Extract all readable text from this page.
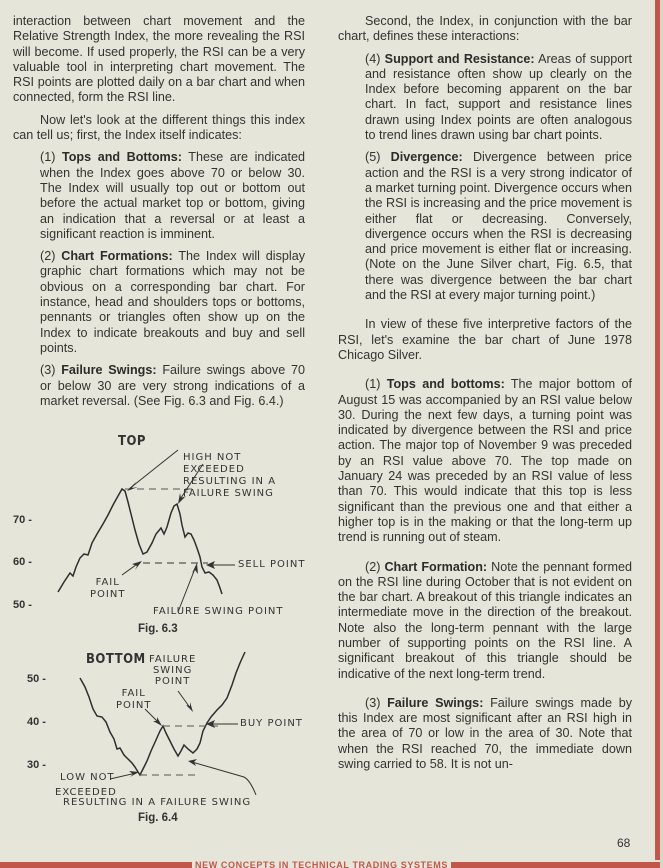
interaction between chart movement and the Relative Strength Index, the more revealing the RSI will become. If used properly, the RSI can be a very valuable tool in interpreting chart movement. The RSI points are plotted daily on a bar chart and when connected, form the RSI line.

Now let's look at the different things this index can tell us; first, the Index itself indicates:

(1) Tops and Bottoms: These are indicated when the Index goes above 70 or below 30. The Index will usually top out or bottom out before the actual market top or bottom, giving an indication that a reversal or at least a significant reaction is imminent.

(2) Chart Formations: The Index will display graphic chart formations which may not be obvious on a corresponding bar chart. For instance, head and shoulders tops or bottoms, pennants or triangles often show up on the Index to indicate breakouts and buy and sell points.

(3) Failure Swings: Failure swings above 70 or below 30 are very strong indications of a market reversal. (See Fig. 6.3 and Fig. 6.4.)

TOP
HIGH NOT
EXCEEDED
RESULTING IN A
FAILURE SWING
70 -
60 -
50 -
SELL POINT
FAIL
POINT
FAILURE SWING POINT
Fig. 6.3
BOTTOM FAILURE
SWING
POINT
50 -
FAIL
POINT
40 -	BUY POINT
30 -
LOW NOT
EXCEEDED
RESULTING IN A FAILURE SWING
Fig. 6.4

Second, the Index, in conjunction with the bar chart, defines these interactions:

(4) Support and Resistance: Areas of support and resistance often show up clearly on the Index before becoming apparent on the bar chart. In fact, support and resistance lines drawn using Index points are often analogous to trend lines drawn using bar chart points.

(5) Divergence: Divergence between price action and the RSI is a very strong indicator of a market turning point. Divergence occurs when the RSI is increasing and the price movement is either flat or decreasing. Conversely, divergence occurs when the RSI is decreasing and price movement is either flat or increasing. (Note on the June Silver chart, Fig. 6.5, that there was divergence between the bar chart and the RSI at every major turning point.)

In view of these five interpretive factors of the RSI, let's examine the bar chart of June 1978 Chicago Silver.

(1) Tops and bottoms: The major bottom of August 15 was accompanied by an RSI value below 30. During the next few days, a turning point was indicated by divergence between the RSI and price action. The major top of November 9 was preceded by an RSI value above 70. The top made on January 24 was preceded by an RSI value of less than 70. This would indicate that this top is less significant than the previous one and that either a higher top is in the making or that the long-term up trend is running out of steam.

(2) Chart Formation: Note the pennant formed on the RSI line during October that is not evident on the bar chart. A breakout of this triangle indicates an intermediate move in the direction of the breakout. Note also the long-term pennant with the large number of supporting points on the RSI line. A significant breakout of this triangle should be indicative of the next long-term trend.

(3) Failure Swings: Failure swings made by this Index are most significant after an RSI high in the area of 70 or low in the area of 30. Note that when the RSI reached 70, the immediate down swing carried to 58. It is not un-

68
NEW CONCEPTS IN TECHNICAL TRADING SYSTEMS
